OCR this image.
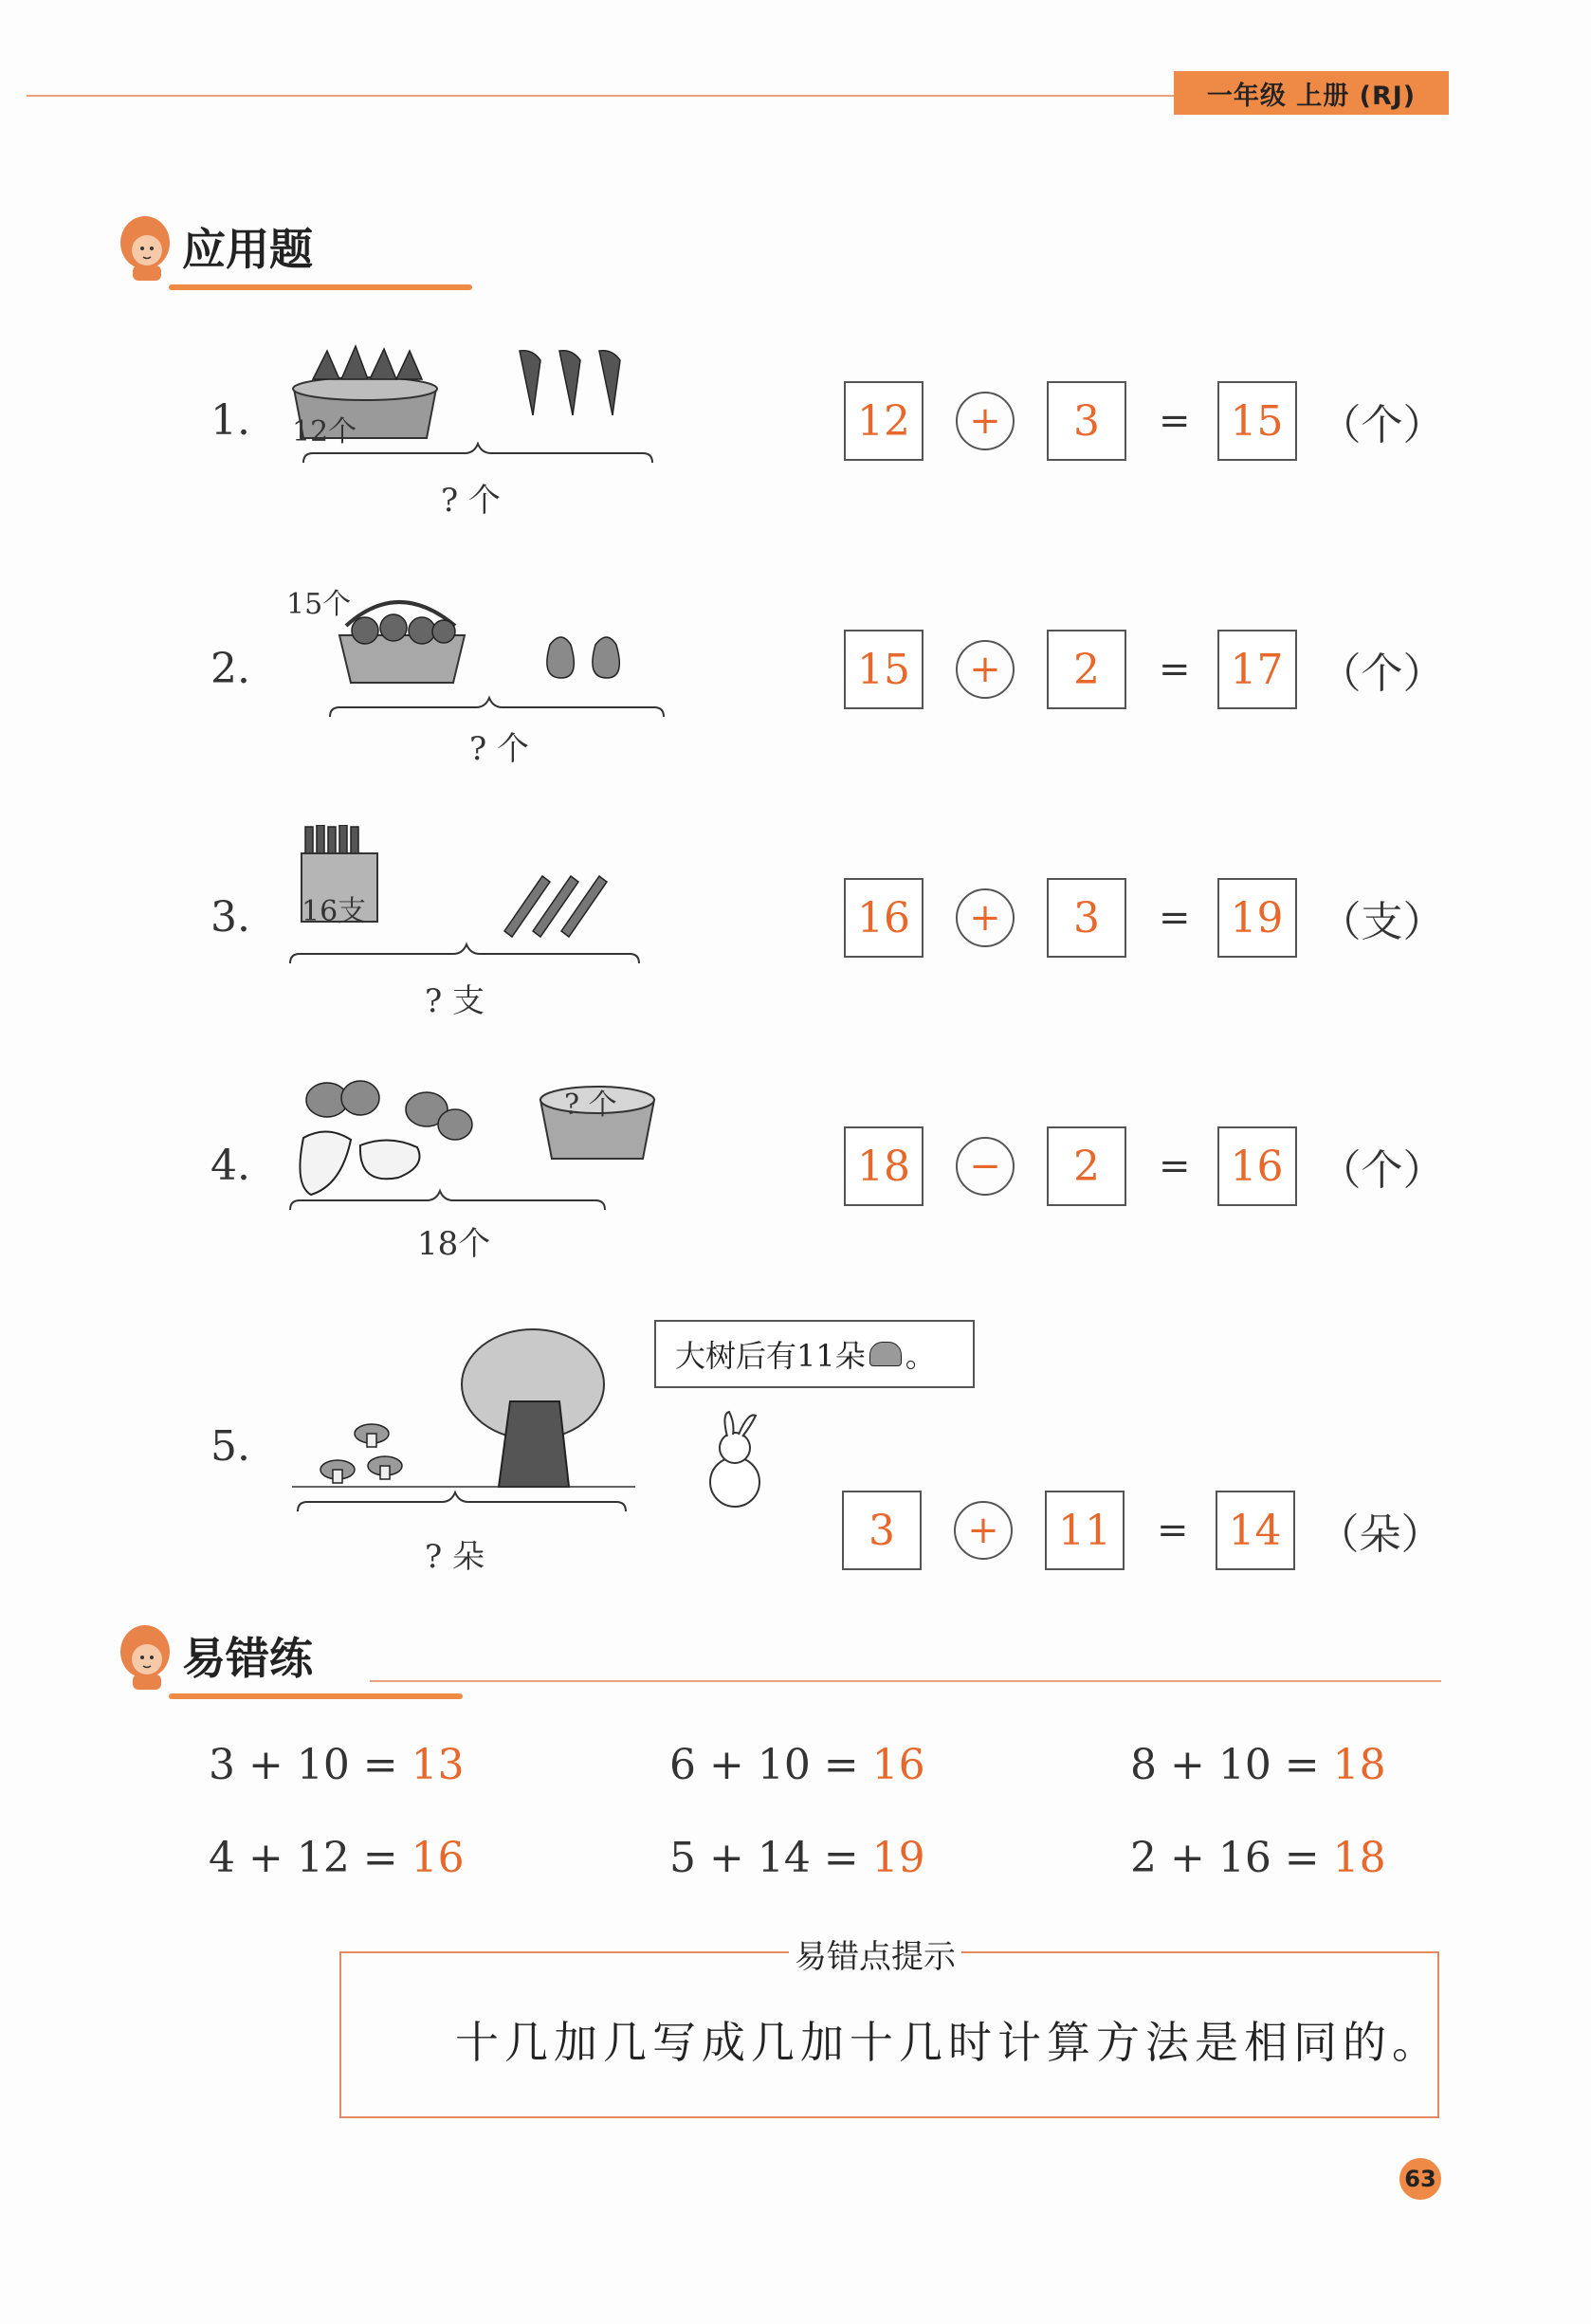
一年级 上册 (RJ)
应用题
1. 12个
? 个
12	+	3	= 15 （个）
2.
15个
? 个
15	+	2	= 17 （个）
3. 16支
? 支
16	+	3	= 19 （支）
4.
? 个
18个
18	−	2	= 16 （个）
5.
大树后有11朵 。
? 朵
3	+	11	= 14 （朵）
易错练
3 + 10 = 13	6 + 10 = 16	8 + 10 = 18
4 + 12 = 16	5 + 14 = 19	2 + 16 = 18
易错点提示
十几加几写成几加十几时计算方法是相同的。
63
